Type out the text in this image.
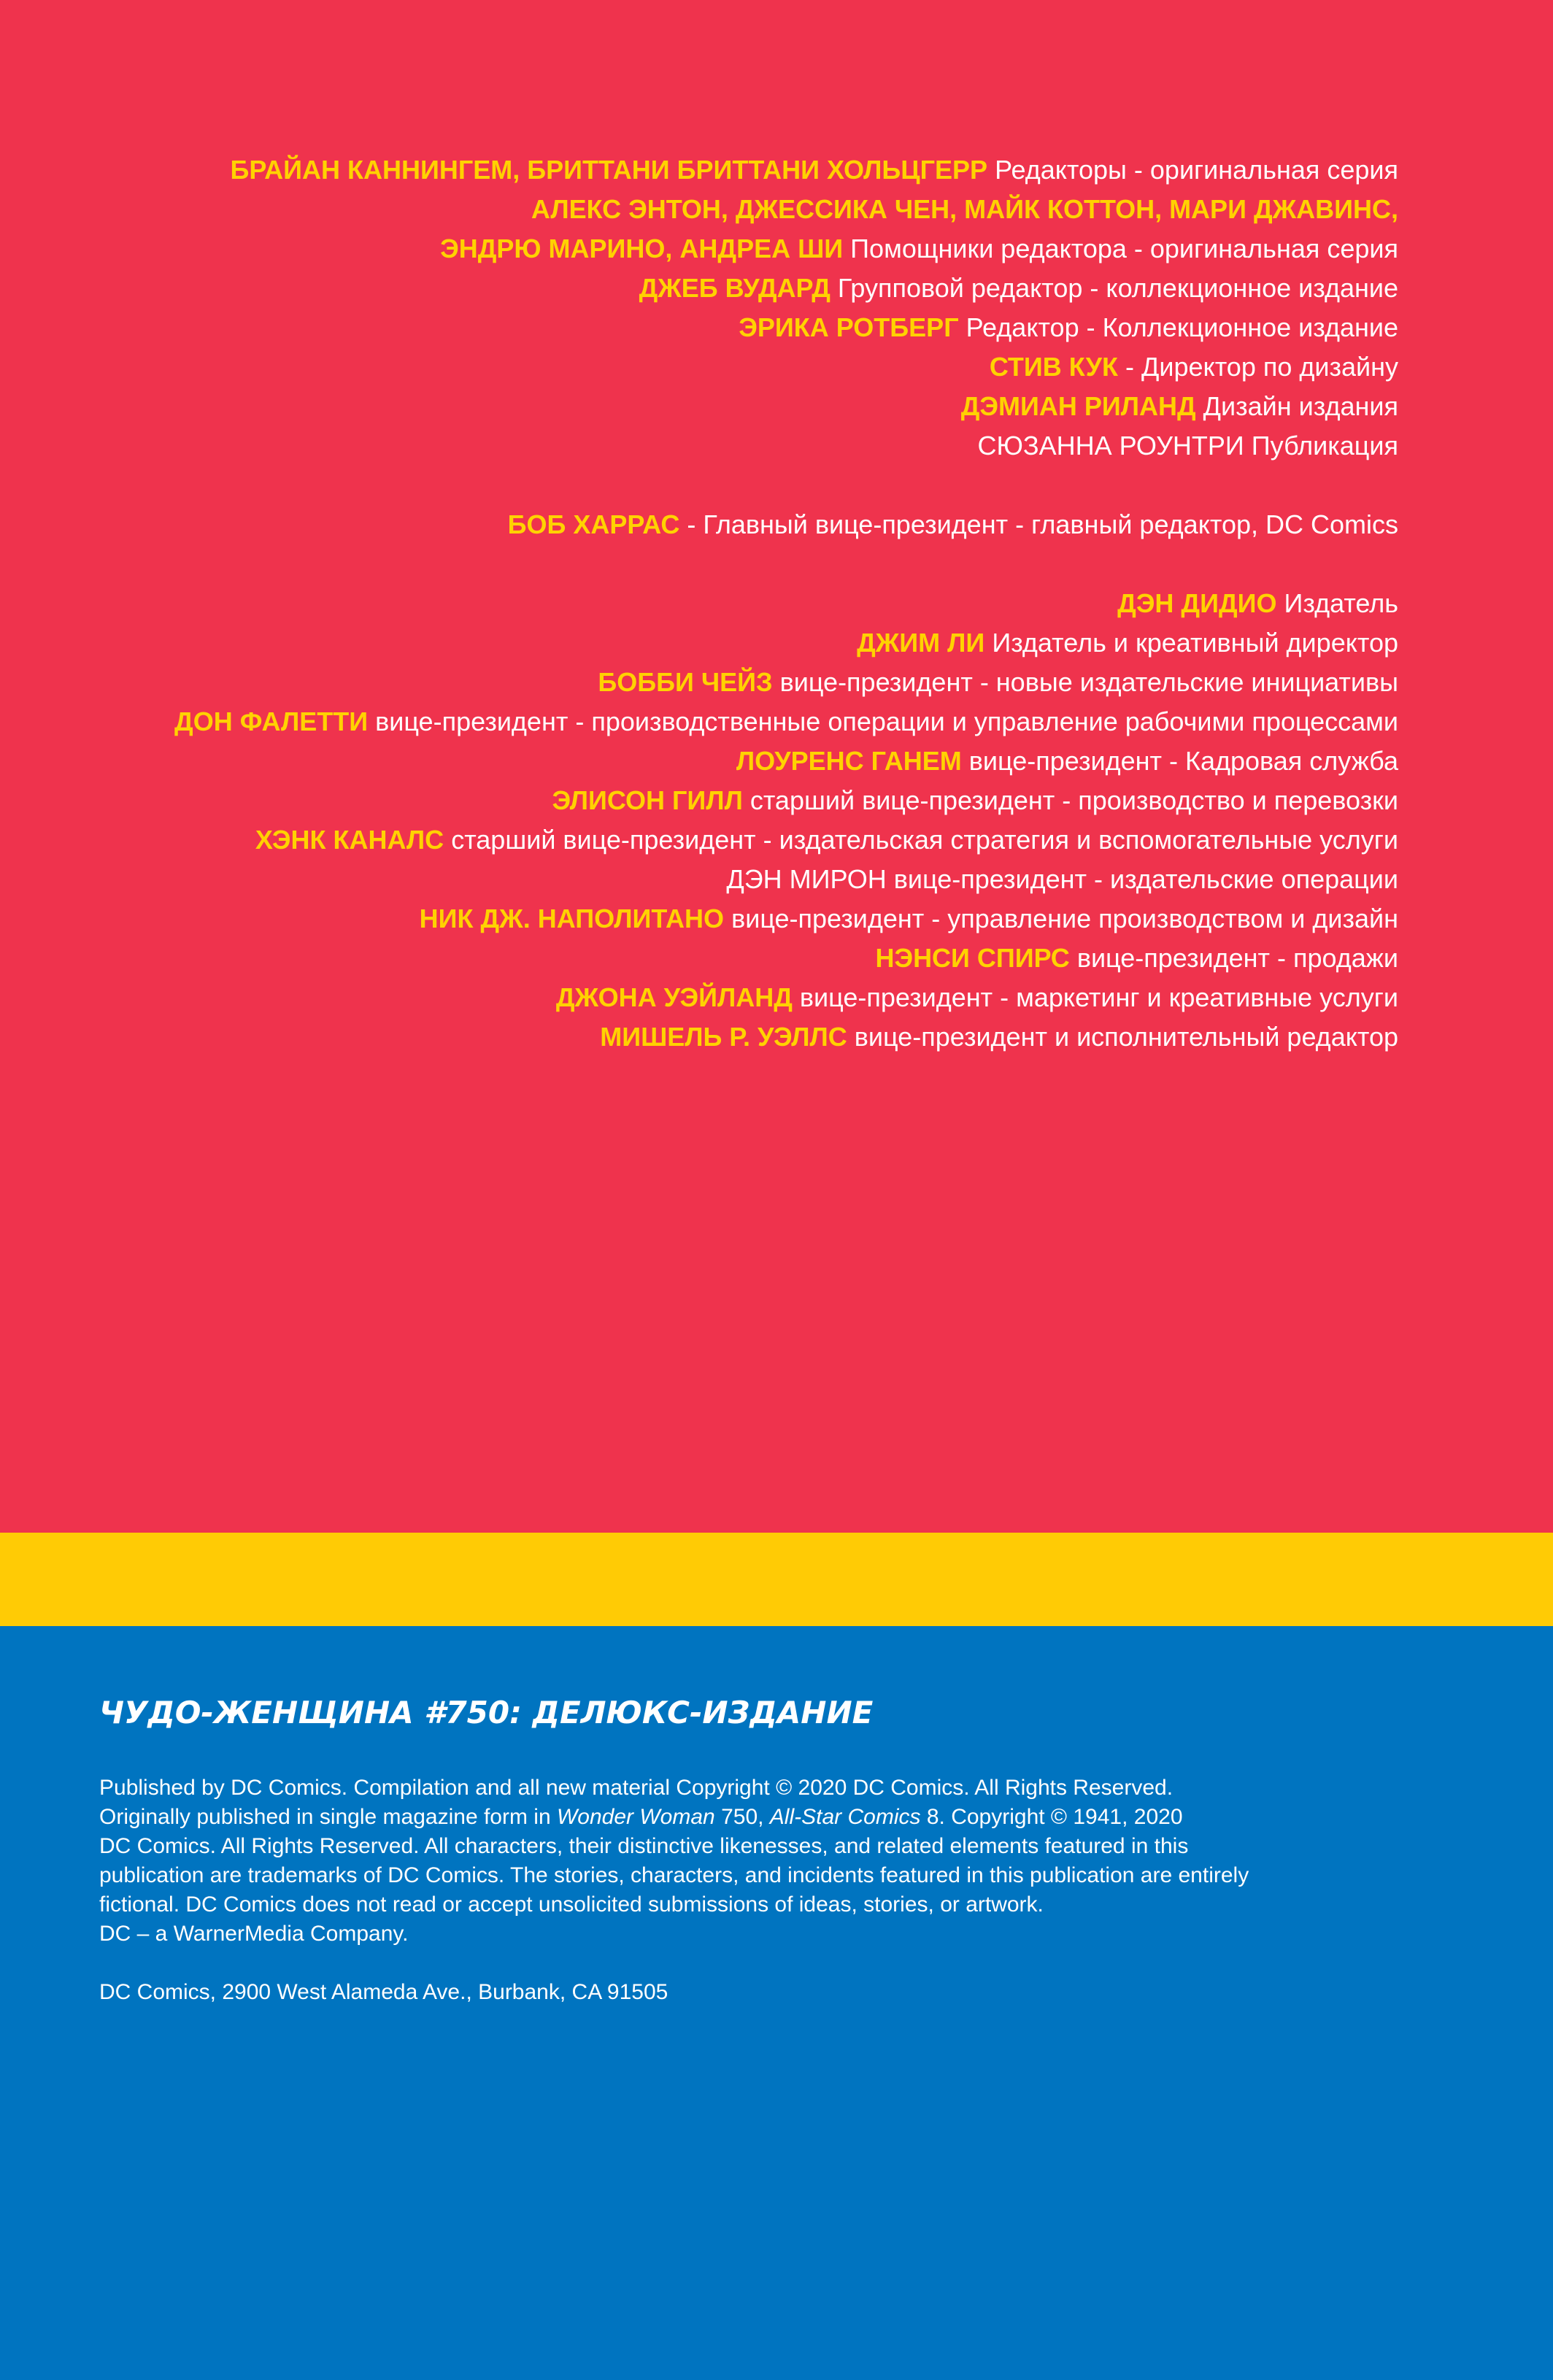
БРАЙАН КАННИНГЕМ, БРИТТАНИ БРИТТАНИ ХОЛЬЦГЕРР Редакторы - оригинальная серия
АЛЕКС ЭНТОН, ДЖЕССИКА ЧЕН, МАЙК КОТТОН, МАРИ ДЖАВИНС,
ЭНДРЮ МАРИНО, АНДРЕА ШИ Помощники редактора - оригинальная серия
ДЖЕБ ВУДАРД Групповой редактор - коллекционное издание
ЭРИКА РОТБЕРГ Редактор - Коллекционное издание
СТИВ КУК - Директор по дизайну
ДЭМИАН РИЛАНД Дизайн издания
СЮЗАННА РОУНТРИ Публикация
БОБ ХАРРАС - Главный вице-президент - главный редактор, DC Comics
ДЭН ДИДИО Издатель
ДЖИМ ЛИ Издатель и креативный директор
БОББИ ЧЕЙЗ вице-президент - новые издательские инициативы
ДОН ФАЛЕТТИ вице-президент - производственные операции и управление рабочими процессами
ЛОУРЕНС ГАНЕМ вице-президент - Кадровая служба
ЭЛИСОН ГИЛЛ старший вице-президент - производство и перевозки
ХЭНК КАНАЛС старший вице-президент - издательская стратегия и вспомогательные услуги
ДЭН МИРОН вице-президент - издательские операции
НИК ДЖ. НАПОЛИТАНО вице-президент - управление производством и дизайн
НЭНСИ СПИРС вице-президент - продажи
ДЖОНА УЭЙЛАНД вице-президент - маркетинг и креативные услуги
МИШЕЛЬ Р. УЭЛЛС вице-президент и исполнительный редактор
ЧУДО-ЖЕНЩИНА #750: ДЕЛЮКС-ИЗДАНИЕ
Published by DC Comics. Compilation and all new material Copyright © 2020 DC Comics. All Rights Reserved.
Originally published in single magazine form in Wonder Woman 750, All-Star Comics 8. Copyright © 1941, 2020
DC Comics. All Rights Reserved. All characters, their distinctive likenesses, and related elements featured in this
publication are trademarks of DC Comics. The stories, characters, and incidents featured in this publication are entirely
fictional. DC Comics does not read or accept unsolicited submissions of ideas, stories, or artwork.
DC – a WarnerMedia Company.
DC Comics, 2900 West Alameda Ave., Burbank, CA 91505
